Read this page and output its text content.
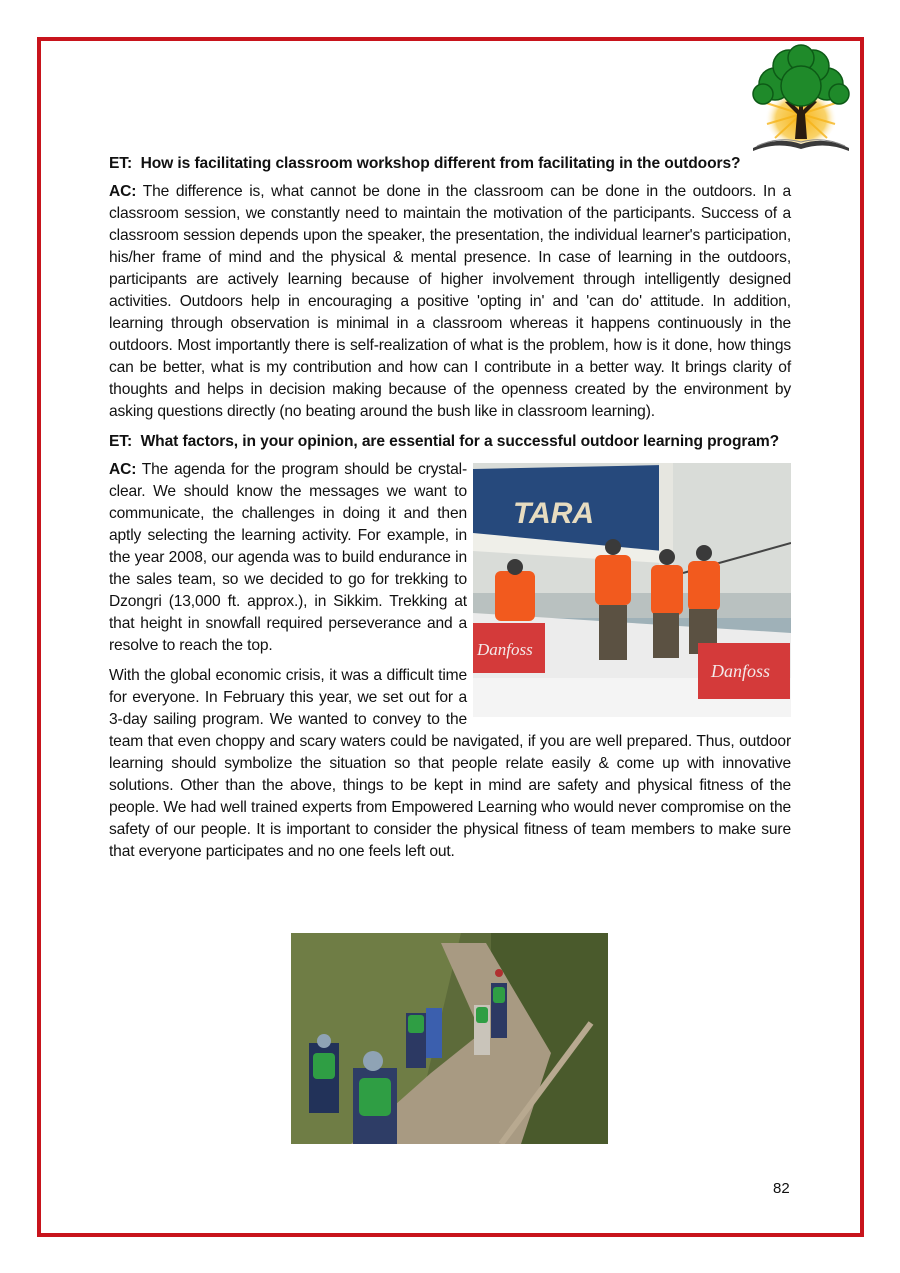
ET: How is facilitating classroom workshop different from facilitating in the outdoors?

AC: The difference is, what cannot be done in the classroom can be done in the outdoors. In a classroom session, we constantly need to maintain the motivation of the participants. Success of a classroom session depends upon the speaker, the presentation, the individual learner's participation, his/her frame of mind and the physical & mental presence. In case of learning in the outdoors, participants are actively learning because of higher involvement through intelligently designed activities. Outdoors help in encouraging a positive 'opting in' and 'can do' attitude. In addition, learning through observation is minimal in a classroom whereas it happens continuously in the outdoors. Most importantly there is self-realization of what is the problem, how is it done, how things can be better, what is my contribution and how can I contribute in a better way. It brings clarity of thoughts and helps in decision making because of the openness created by the environment by asking questions directly (no beating around the bush like in classroom learning).

ET: What factors, in your opinion, are essential for a successful outdoor learning program?

TARA
Danfoss
Danfoss

AC: The agenda for the program should be crystal-clear. We should know the messages we want to communicate, the challenges in doing it and then aptly selecting the learning activity. For example, in the year 2008, our agenda was to build endurance in the sales team, so we decided to go for trekking to Dzongri (13,000 ft. approx.), in Sikkim. Trekking at that height in snowfall required perseverance and a resolve to reach the top.

With the global economic crisis, it was a difficult time for everyone. In February this year, we set out for a 3-day sailing program. We wanted to convey to the team that even choppy and scary waters could be navigated, if you are well prepared. Thus, outdoor learning should symbolize the situation so that people relate easily & come up with innovative solutions. Other than the above, things to be kept in mind are safety and physical fitness of the people. We had well trained experts from Empowered Learning who would never compromise on the safety of our people. It is important to consider the physical fitness of team members to make sure that everyone participates and no one feels left out.

82
